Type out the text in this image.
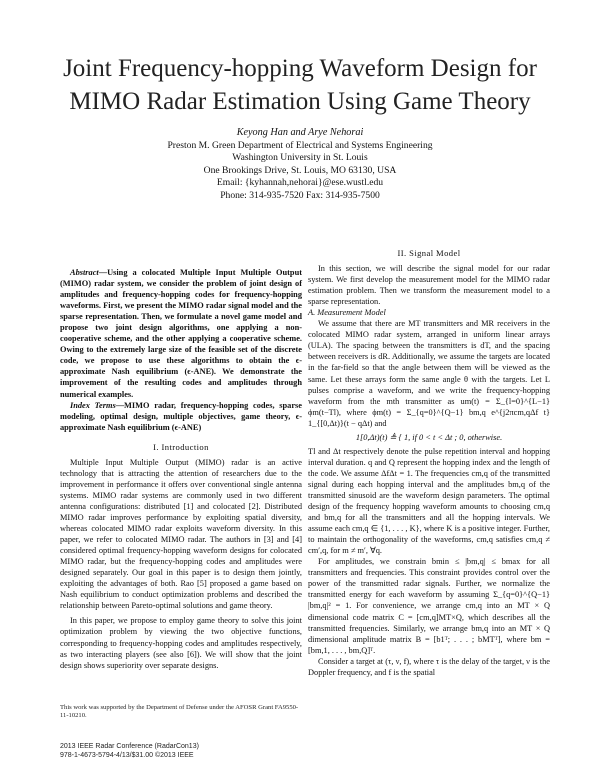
Joint Frequency-hopping Waveform Design for
MIMO Radar Estimation Using Game Theory
Keyong Han and Arye Nehorai
Preston M. Green Department of Electrical and Systems Engineering
Washington University in St. Louis
One Brookings Drive, St. Louis, MO 63130, USA
Email: {kyhannah,nehorai}@ese.wustl.edu
Phone: 314-935-7520 Fax: 314-935-7500

Abstract—Using a colocated Multiple Input Multiple Output (MIMO) radar system, we consider the problem of joint design of amplitudes and frequency-hopping codes for frequency-hopping waveforms. First, we present the MIMO radar signal model and the sparse representation. Then, we formulate a novel game model and propose two joint design algorithms, one applying a non-cooperative scheme, and the other applying a cooperative scheme. Owing to the extremely large size of the feasible set of the discrete code, we propose to use these algorithms to obtain the ϵ-approximate Nash equilibrium (ϵ-ANE). We demonstrate the improvement of the resulting codes and amplitudes through numerical examples.

Index Terms—MIMO radar, frequency-hopping codes, sparse modeling, optimal design, multiple objectives, game theory, ϵ-approximate Nash equilibrium (ϵ-ANE)

I. Introduction

Multiple Input Multiple Output (MIMO) radar is an active technology that is attracting the attention of researchers due to the improvement in performance it offers over conventional single antenna systems. MIMO radar systems are commonly used in two different antenna configurations: distributed [1] and colocated [2]. Distributed MIMO radar improves performance by exploiting spatial diversity, whereas colocated MIMO radar exploits waveform diversity. In this paper, we refer to colocated MIMO radar. The authors in [3] and [4] considered optimal frequency-hopping waveform designs for colocated MIMO radar, but the frequency-hopping codes and amplitudes were designed separately. Our goal in this paper is to design them jointly, exploiting the advantages of both. Rao [5] proposed a game based on Nash equilibrium to conduct optimization problems and described the relationship between Pareto-optimal solutions and game theory.

In this paper, we propose to employ game theory to solve this joint optimization problem by viewing the two objective functions, corresponding to frequency-hopping codes and amplitudes respectively, as two interacting players (see also [6]). We will show that the joint design shows superiority over separate designs.

This work was supported by the Department of Defense under the AFOSR Grant FA9550-11-10210.
2013 IEEE Radar Conference (RadarCon13)
978-1-4673-5794-4/13/$31.00 ©2013 IEEE

II. Signal Model

In this section, we will describe the signal model for our radar system. We first develop the measurement model for the MIMO radar estimation problem. Then we transform the measurement model to a sparse representation.

A. Measurement Model

We assume that there are MT transmitters and MR receivers in the colocated MIMO radar system, arranged in uniform linear arrays (ULA). The spacing between the transmitters is dT, and the spacing between receivers is dR. Additionally, we assume the targets are located in the far-field so that the angle between them will be viewed as the same. Let these arrays form the same angle θ with the targets. Let L pulses comprise a waveform, and we write the frequency-hopping waveform from the mth transmitter as um(t) = Σ_{l=0}^{L−1} ϕm(t−Tl), where ϕm(t) = Σ_{q=0}^{Q−1} bm,q e^{j2πcm,qΔf t} 1_{[0,Δt)}(t − qΔt) and

1[0,Δt)(t) ≜ { 1, if 0 < t < Δt ; 0, otherwise.

Tl and Δt respectively denote the pulse repetition interval and hopping interval duration. q and Q represent the hopping index and the length of the code. We assume ΔfΔt = 1. The frequencies cm,q of the transmitted signal during each hopping interval and the amplitudes bm,q of the transmitted sinusoid are the waveform design parameters. The optimal design of the frequency hopping waveform amounts to choosing cm,q and bm,q for all the transmitters and all the hopping intervals. We assume each cm,q ∈ {1, . . . , K}, where K is a positive integer. Further, to maintain the orthogonality of the waveforms, cm,q satisfies cm,q ≠ cm′,q, for m ≠ m′, ∀q.

For amplitudes, we constrain bmin ≤ |bm,q| ≤ bmax for all transmitters and frequencies. This constraint provides control over the power of the transmitted radar signals. Further, we normalize the transmitted energy for each waveform by assuming Σ_{q=0}^{Q−1} |bm,q|² = 1. For convenience, we arrange cm,q into an MT × Q dimensional code matrix C = [cm,q]MT×Q, which describes all the transmitted frequencies. Similarly, we arrange bm,q into an MT × Q dimensional amplitude matrix B = [b1ᵀ; . . . ; bMTᵀ], where bm = [bm,1, . . . , bm,Q]ᵀ.

Consider a target at (τ, ν, f), where τ is the delay of the target, ν is the Doppler frequency, and f is the spatial
